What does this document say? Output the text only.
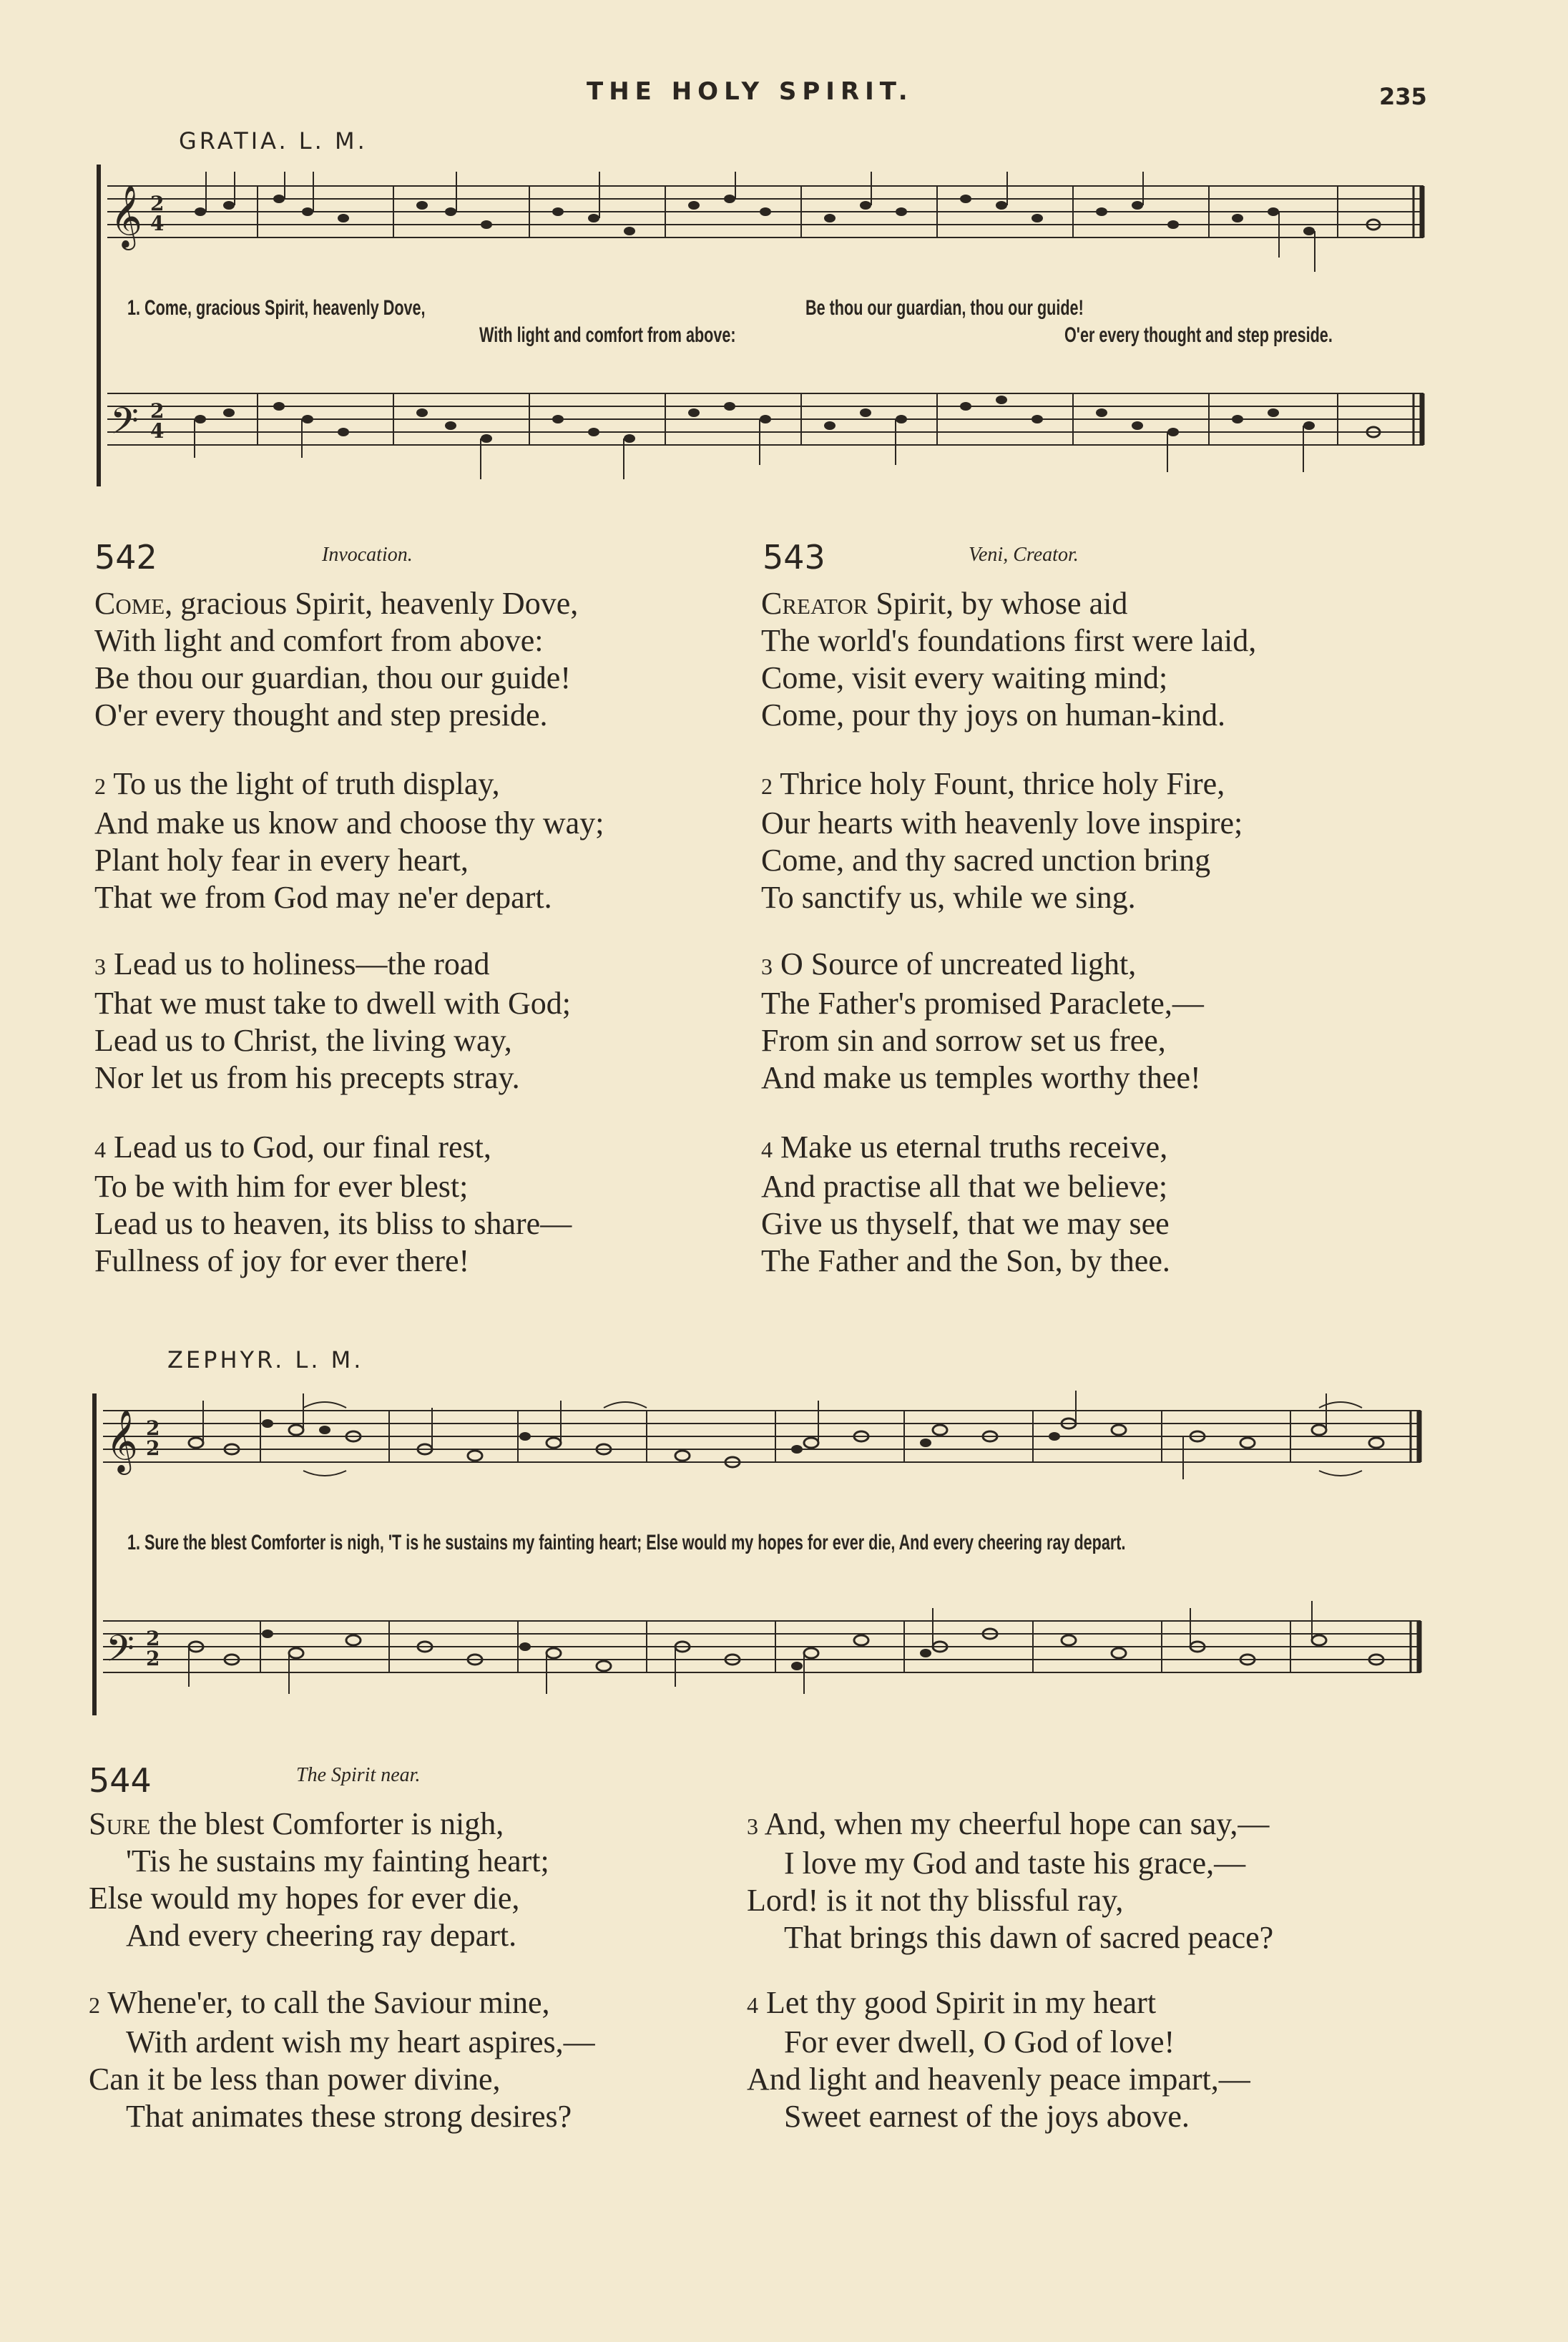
THE HOLY SPIRIT.	235
GRATIA. L. M.
𝄞 2
4
𝄢 2
4
1. Come, gracious Spirit, heavenly Dove,
With light and comfort from above:
Be thou our guardian, thou our guide!
O'er every thought and step preside.
542	Invocation.
Come, gracious Spirit, heavenly Dove,
With light and comfort from above:
Be thou our guardian, thou our guide!
O'er every thought and step preside.
2 To us the light of truth display,
And make us know and choose thy way;
Plant holy fear in every heart,
That we from God may ne'er depart.
3 Lead us to holiness—the road
That we must take to dwell with God;
Lead us to Christ, the living way,
Nor let us from his precepts stray.
4 Lead us to God, our final rest,
To be with him for ever blest;
Lead us to heaven, its bliss to share—
Fullness of joy for ever there!
543	Veni, Creator.
Creator Spirit, by whose aid
The world's foundations first were laid,
Come, visit every waiting mind;
Come, pour thy joys on human-kind.
2 Thrice holy Fount, thrice holy Fire,
Our hearts with heavenly love inspire;
Come, and thy sacred unction bring
To sanctify us, while we sing.
3 O Source of uncreated light,
The Father's promised Paraclete,—
From sin and sorrow set us free,
And make us temples worthy thee!
4 Make us eternal truths receive,
And practise all that we believe;
Give us thyself, that we may see
The Father and the Son, by thee.
ZEPHYR. L. M.
𝄞 2
2
𝄢 2
2
1. Sure the blest Comforter is nigh, 'T is he sustains my fainting heart; Else would my hopes for ever die, And every cheering ray depart.
544	The Spirit near.
Sure the blest Comforter is nigh,
'Tis he sustains my fainting heart;
Else would my hopes for ever die,
And every cheering ray depart.
2 Whene'er, to call the Saviour mine,
With ardent wish my heart aspires,—
Can it be less than power divine,
That animates these strong desires?
3 And, when my cheerful hope can say,—
I love my God and taste his grace,—
Lord! is it not thy blissful ray,
That brings this dawn of sacred peace?
4 Let thy good Spirit in my heart
For ever dwell, O God of love!
And light and heavenly peace impart,—
Sweet earnest of the joys above.
